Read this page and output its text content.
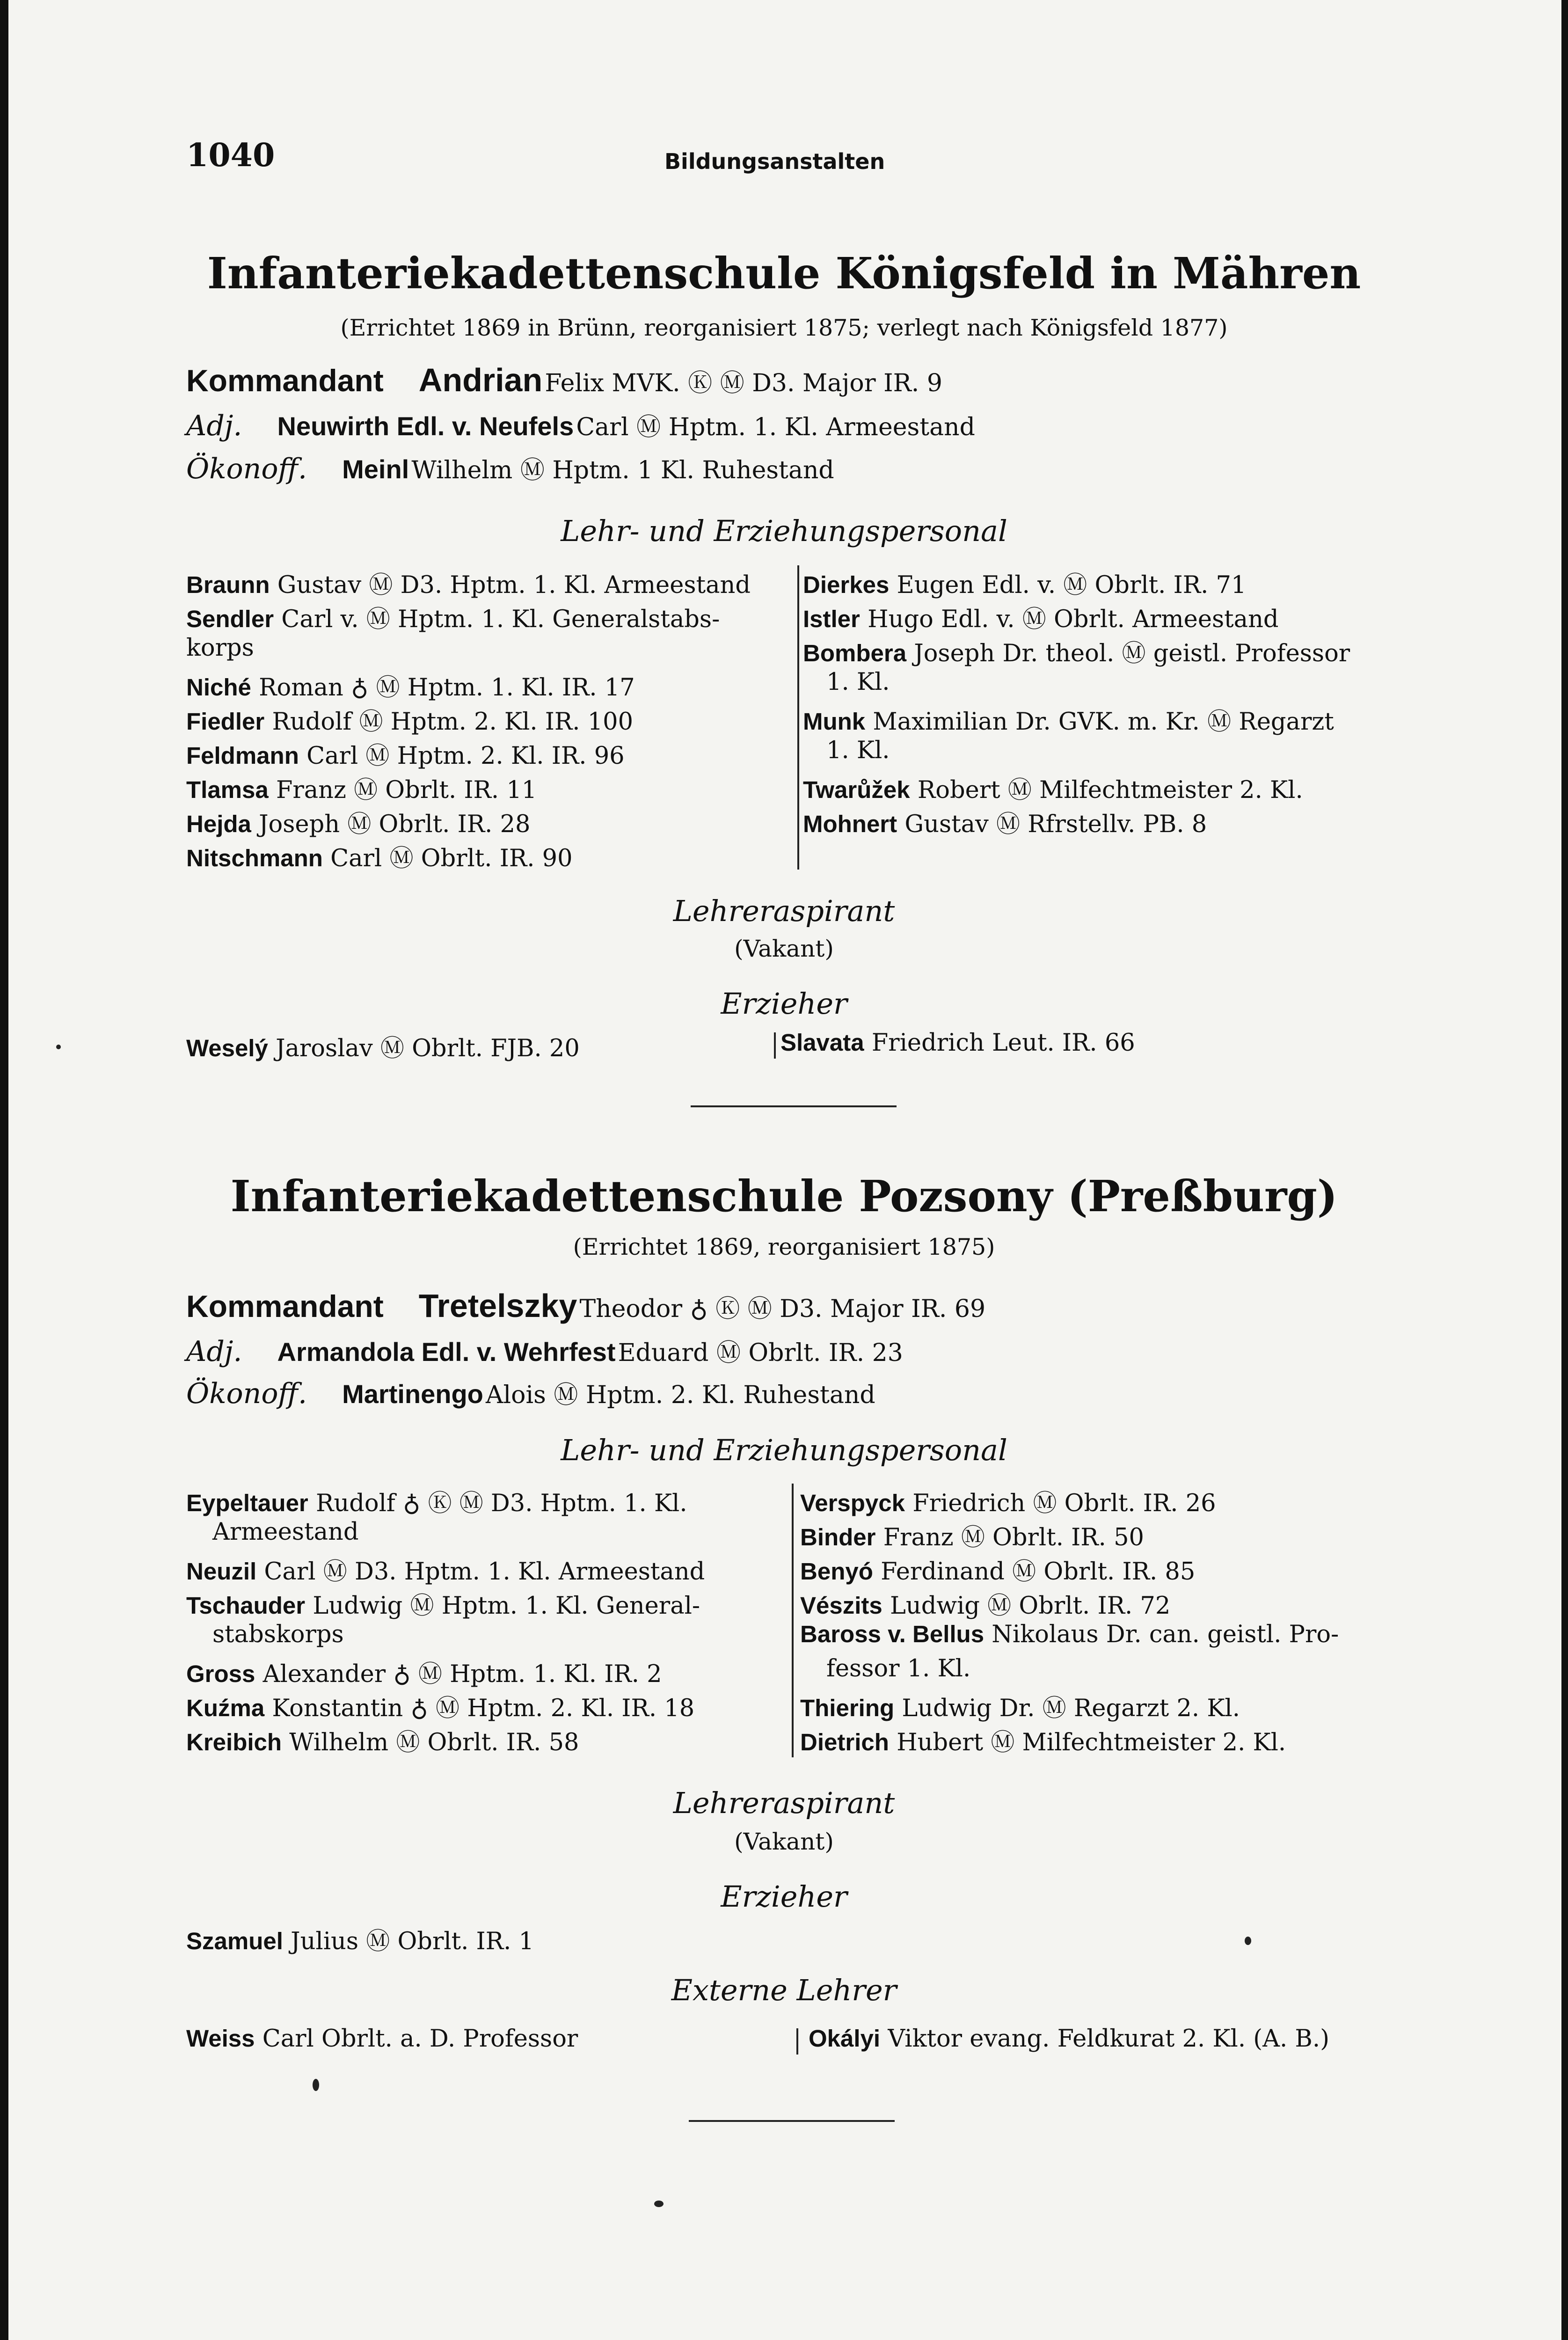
1040	Bildungsanstalten
Infanteriekadettenschule Königsfeld in Mähren
(Errichtet 1869 in Brünn, reorganisiert 1875; verlegt nach Königsfeld 1877)
Kommandant Andrian Felix MVK. Ⓚ Ⓜ D3. Major IR. 9
Adj. Neuwirth Edl. v. Neufels Carl Ⓜ Hptm. 1. Kl. Armeestand
Ökonoff. Meinl Wilhelm Ⓜ Hptm. 1 Kl. Ruhestand
Lehr- und Erziehungspersonal
Braunn Gustav Ⓜ D3. Hptm. 1. Kl. Armeestand
Sendler Carl v. Ⓜ Hptm. 1. Kl. Generalstabs-
korps
Niché Roman ♁ Ⓜ Hptm. 1. Kl. IR. 17
Fiedler Rudolf Ⓜ Hptm. 2. Kl. IR. 100
Feldmann Carl Ⓜ Hptm. 2. Kl. IR. 96
Tlamsa Franz Ⓜ Obrlt. IR. 11
Hejda Joseph Ⓜ Obrlt. IR. 28
Nitschmann Carl Ⓜ Obrlt. IR. 90
Dierkes Eugen Edl. v. Ⓜ Obrlt. IR. 71
Istler Hugo Edl. v. Ⓜ Obrlt. Armeestand
Bombera Joseph Dr. theol. Ⓜ geistl. Professor
1. Kl.
Munk Maximilian Dr. GVK. m. Kr. Ⓜ Regarzt
1. Kl.
Twarůžek Robert Ⓜ Milfechtmeister 2. Kl.
Mohnert Gustav Ⓜ Rfrstellv. PB. 8
Lehreraspirant
(Vakant)
Erzieher
Weselý Jaroslav Ⓜ Obrlt. FJB. 20	Slavata Friedrich Leut. IR. 66
Infanteriekadettenschule Pozsony (Preßburg)
(Errichtet 1869, reorganisiert 1875)
Kommandant Tretelszky Theodor ♁ Ⓚ Ⓜ D3. Major IR. 69
Adj. Armandola Edl. v. Wehrfest Eduard Ⓜ Obrlt. IR. 23
Ökonoff. Martinengo Alois Ⓜ Hptm. 2. Kl. Ruhestand
Lehr- und Erziehungspersonal
Eypeltauer Rudolf ♁ Ⓚ Ⓜ D3. Hptm. 1. Kl.
Armeestand
Neuzil Carl Ⓜ D3. Hptm. 1. Kl. Armeestand
Tschauder Ludwig Ⓜ Hptm. 1. Kl. General-
stabskorps
Gross Alexander ♁ Ⓜ Hptm. 1. Kl. IR. 2
Kuźma Konstantin ♁ Ⓜ Hptm. 2. Kl. IR. 18
Kreibich Wilhelm Ⓜ Obrlt. IR. 58
Verspyck Friedrich Ⓜ Obrlt. IR. 26
Binder Franz Ⓜ Obrlt. IR. 50
Benyó Ferdinand Ⓜ Obrlt. IR. 85
Vészits Ludwig Ⓜ Obrlt. IR. 72
Baross v. Bellus Nikolaus Dr. can. geistl. Pro-
fessor 1. Kl.
Thiering Ludwig Dr. Ⓜ Regarzt 2. Kl.
Dietrich Hubert Ⓜ Milfechtmeister 2. Kl.
Lehreraspirant
(Vakant)
Erzieher
Szamuel Julius Ⓜ Obrlt. IR. 1
Externe Lehrer
Weiss Carl Obrlt. a. D. Professor	Okályi Viktor evang. Feldkurat 2. Kl. (A. B.)
